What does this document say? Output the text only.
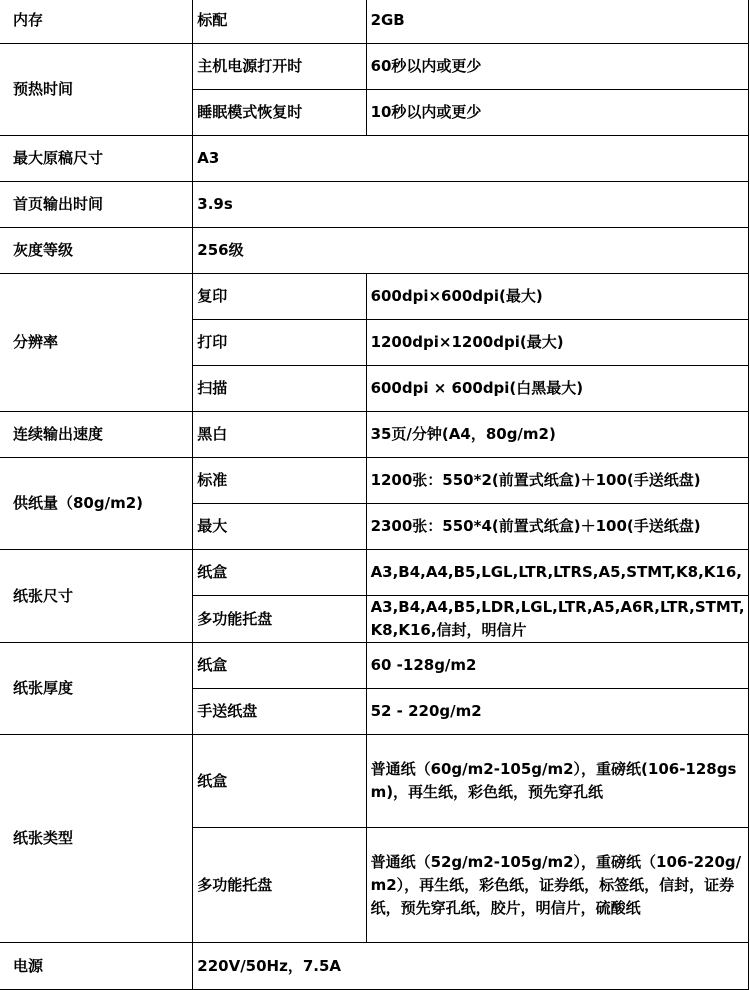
内存	标配	2GB
预热时间	主机电源打开时	60秒以内或更少
	睡眠模式恢复时	10秒以内或更少
最大原稿尺寸	A3	
首页输出时间	3.9s	
灰度等级	256级	
分辨率	复印	600dpi×600dpi(最大)
	打印	1200dpi×1200dpi(最大)
	扫描	600dpi × 600dpi(白黑最大)
连续输出速度	黑白	35页/分钟(A4，80g/m2)
供纸量（80g/m2)	标准	1200张：550*2(前置式纸盒)＋100(手送纸盘)
	最大	2300张：550*4(前置式纸盒)＋100(手送纸盘)
纸张尺寸	纸盒	A3,B4,A4,B5,LGL,LTR,LTRS,A5,STMT,K8,K16,
	多功能托盘	A3,B4,A4,B5,LDR,LGL,LTR,A5,A6R,LTR,STMT,K8,K16,信封，明信片
纸张厚度	纸盒	60 -128g/m2
	手送纸盘	52 - 220g/m2
纸张类型	纸盒	普通纸（60g/m2-105g/m2），重磅纸(106-128gsm)，再生纸，彩色纸，预先穿孔纸
	多功能托盘	普通纸（52g/m2-105g/m2），重磅纸（106-220g/m2），再生纸，彩色纸，证券纸，标签纸，信封，证券纸，预先穿孔纸，胶片，明信片，硫酸纸
电源	220V/50Hz，7.5A	
